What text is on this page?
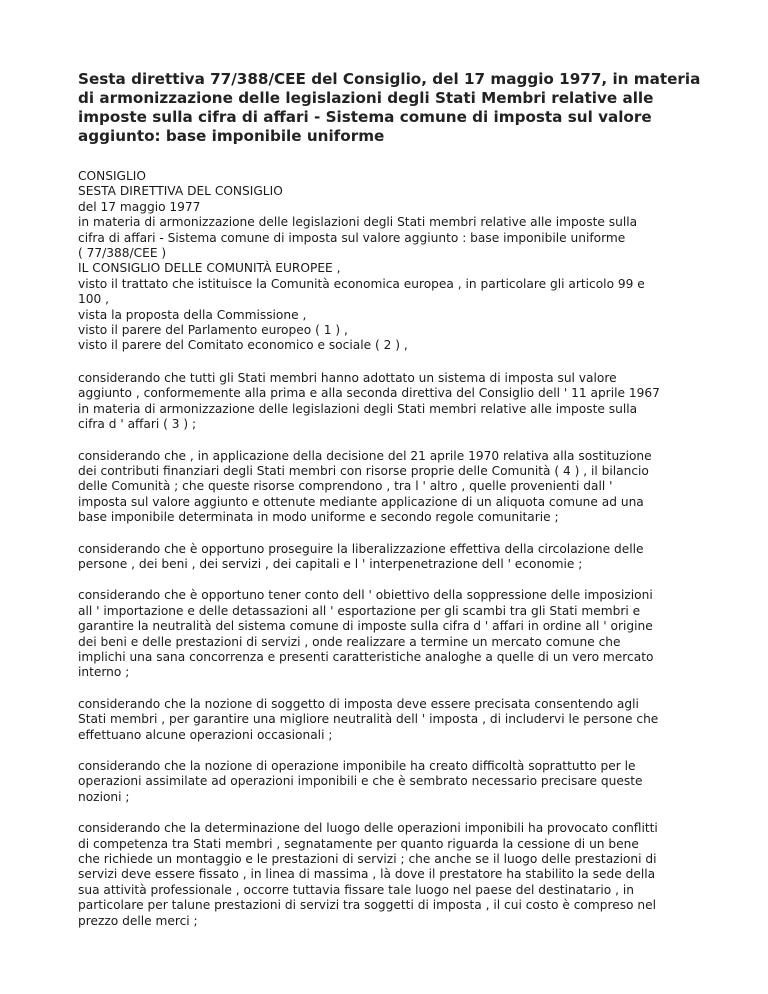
Sesta direttiva 77/388/CEE del Consiglio, del 17 maggio 1977, in materia di armonizzazione delle legislazioni degli Stati Membri relative alle imposte sulla cifra di affari - Sistema comune di imposta sul valore aggiunto: base imponibile uniforme
CONSIGLIO
SESTA DIRETTIVA DEL CONSIGLIO
del 17 maggio 1977
in materia di armonizzazione delle legislazioni degli Stati membri relative alle imposte sulla
cifra di affari - Sistema comune di imposta sul valore aggiunto : base imponibile uniforme
( 77/388/CEE )
IL CONSIGLIO DELLE COMUNITÀ EUROPEE ,
visto il trattato che istituisce la Comunità economica europea , in particolare gli articolo 99 e
100 ,
vista la proposta della Commissione ,
visto il parere del Parlamento europeo ( 1 ) ,
visto il parere del Comitato economico e sociale ( 2 ) ,

considerando che tutti gli Stati membri hanno adottato un sistema di imposta sul valore
aggiunto , conformemente alla prima e alla seconda direttiva del Consiglio dell ' 11 aprile 1967
in materia di armonizzazione delle legislazioni degli Stati membri relative alle imposte sulla
cifra d ' affari ( 3 ) ;

considerando che , in applicazione della decisione del 21 aprile 1970 relativa alla sostituzione
dei contributi finanziari degli Stati membri con risorse proprie delle Comunità ( 4 ) , il bilancio
delle Comunità ; che queste risorse comprendono , tra l ' altro , quelle provenienti dall '
imposta sul valore aggiunto e ottenute mediante applicazione di un aliquota comune ad una
base imponibile determinata in modo uniforme e secondo regole comunitarie ;

considerando che è opportuno proseguire la liberalizzazione effettiva della circolazione delle
persone , dei beni , dei servizi , dei capitali e l ' interpenetrazione dell ' economie ;

considerando che è opportuno tener conto dell ' obiettivo della soppressione delle imposizioni
all ' importazione e delle detassazioni all ' esportazione per gli scambi tra gli Stati membri e
garantire la neutralità del sistema comune di imposte sulla cifra d ' affari in ordine all ' origine
dei beni e delle prestazioni di servizi , onde realizzare a termine un mercato comune che
implichi una sana concorrenza e presenti caratteristiche analoghe a quelle di un vero mercato
interno ;

considerando che la nozione di soggetto di imposta deve essere precisata consentendo agli
Stati membri , per garantire una migliore neutralità dell ' imposta , di includervi le persone che
effettuano alcune operazioni occasionali ;

considerando che la nozione di operazione imponibile ha creato difficoltà soprattutto per le
operazioni assimilate ad operazioni imponibili e che è sembrato necessario precisare queste
nozioni ;

considerando che la determinazione del luogo delle operazioni imponibili ha provocato conflitti
di competenza tra Stati membri , segnatamente per quanto riguarda la cessione di un bene
che richiede un montaggio e le prestazioni di servizi ; che anche se il luogo delle prestazioni di
servizi deve essere fissato , in linea di massima , là dove il prestatore ha stabilito la sede della
sua attività professionale , occorre tuttavia fissare tale luogo nel paese del destinatario , in
particolare per talune prestazioni di servizi tra soggetti di imposta , il cui costo è compreso nel
prezzo delle merci ;
